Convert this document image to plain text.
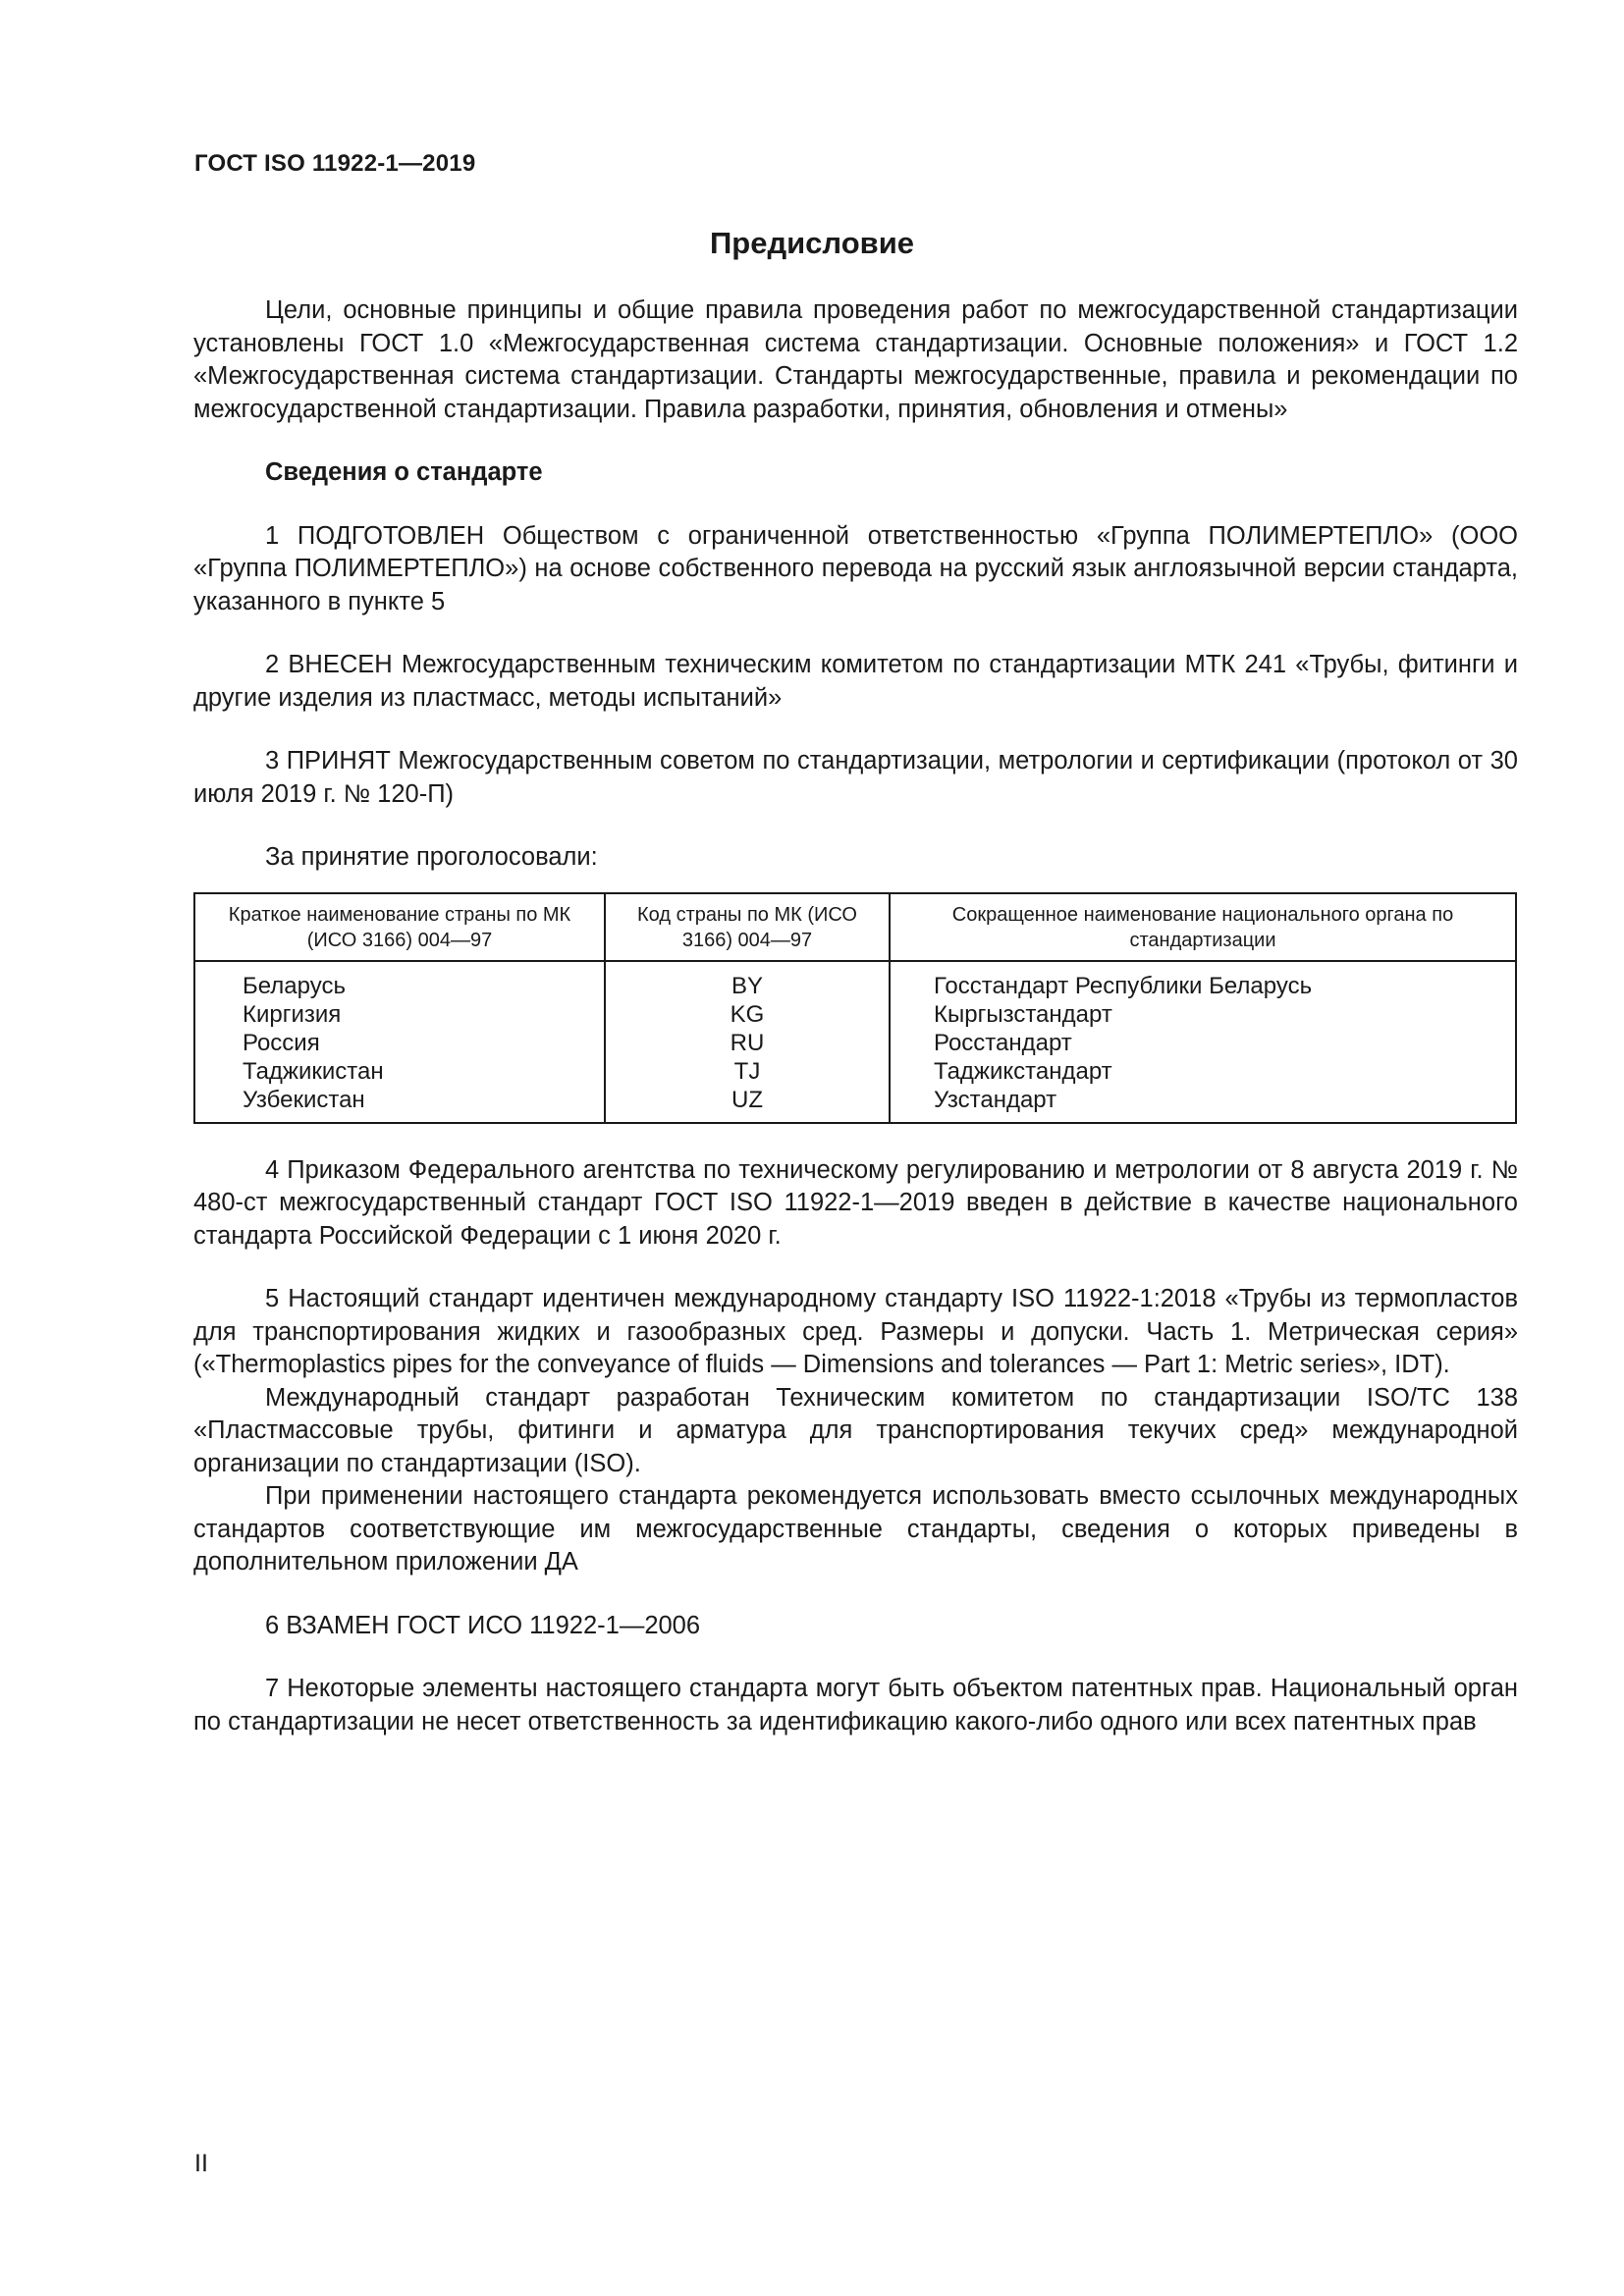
ГОСТ ISO 11922-1—2019
Предисловие

Цели, основные принципы и общие правила проведения работ по межгосударственной стандартизации установлены ГОСТ 1.0 «Межгосударственная система стандартизации. Основные положения» и ГОСТ 1.2 «Межгосударственная система стандартизации. Стандарты межгосударственные, правила и рекомендации по межгосударственной стандартизации. Правила разработки, принятия, обновления и отмены»

Сведения о стандарте

1 ПОДГОТОВЛЕН Обществом с ограниченной ответственностью «Группа ПОЛИМЕРТЕПЛО» (ООО «Группа ПОЛИМЕРТЕПЛО») на основе собственного перевода на русский язык англоязычной версии стандарта, указанного в пункте 5

2 ВНЕСЕН Межгосударственным техническим комитетом по стандартизации МТК 241 «Трубы, фитинги и другие изделия из пластмасс, методы испытаний»

3 ПРИНЯТ Межгосударственным советом по стандартизации, метрологии и сертификации (протокол от 30 июля 2019 г. № 120-П)

За принятие проголосовали:

Краткое наименование страны по МК (ИСО 3166) 004—97	Код страны по МК (ИСО 3166) 004—97	Сокращенное наименование национального органа по стандартизации
Беларусь	BY	Госстандарт Республики Беларусь
Киргизия	KG	Кыргызстандарт
Россия	RU	Росстандарт
Таджикистан	TJ	Таджикстандарт
Узбекистан	UZ	Узстандарт

4 Приказом Федерального агентства по техническому регулированию и метрологии от 8 августа 2019 г. № 480-ст межгосударственный стандарт ГОСТ ISO 11922-1—2019 введен в действие в качестве национального стандарта Российской Федерации с 1 июня 2020 г.

5 Настоящий стандарт идентичен международному стандарту ISO 11922-1:2018 «Трубы из термопластов для транспортирования жидких и газообразных сред. Размеры и допуски. Часть 1. Метрическая серия» («Thermoplastics pipes for the conveyance of fluids — Dimensions and tolerances — Part 1: Metric series», IDT).

Международный стандарт разработан Техническим комитетом по стандартизации ISO/TC 138 «Пластмассовые трубы, фитинги и арматура для транспортирования текучих сред» международной организации по стандартизации (ISO).

При применении настоящего стандарта рекомендуется использовать вместо ссылочных международных стандартов соответствующие им межгосударственные стандарты, сведения о которых приведены в дополнительном приложении ДА

6 ВЗАМЕН ГОСТ ИСО 11922-1—2006

7 Некоторые элементы настоящего стандарта могут быть объектом патентных прав. Национальный орган по стандартизации не несет ответственность за идентификацию какого-либо одного или всех патентных прав

II
